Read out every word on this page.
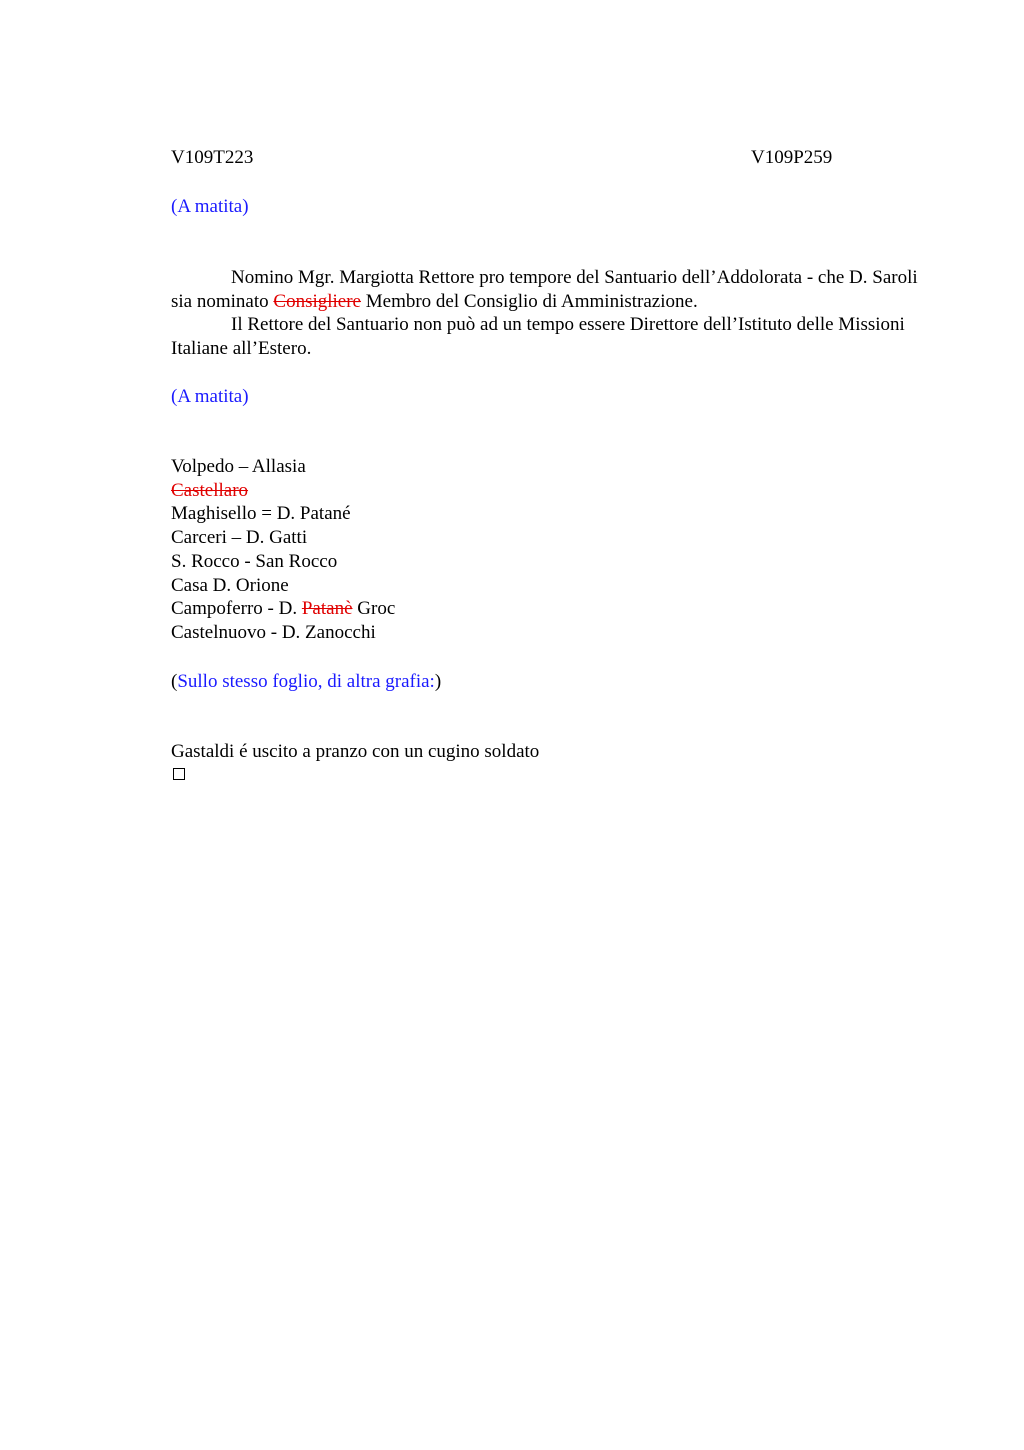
V109T223	V109P259
(A matita)
Nomino Mgr. Margiotta Rettore pro tempore del Santuario dell’Addolorata - che D. Saroli sia nominato Consigliere Membro del Consiglio di Amministrazione.
Il Rettore del Santuario non può ad un tempo essere Direttore dell’Istituto delle Missioni Italiane all’Estero.
(A matita)
Volpedo – Allasia
Castellaro
Maghisello = D. Patané
Carceri – D. Gatti
S. Rocco - San Rocco
Casa D. Orione
Campoferro - D. Patanè Groc
Castelnuovo - D. Zanocchi
(Sullo stesso foglio, di altra grafia:)
Gastaldi é uscito a pranzo con un cugino soldato
